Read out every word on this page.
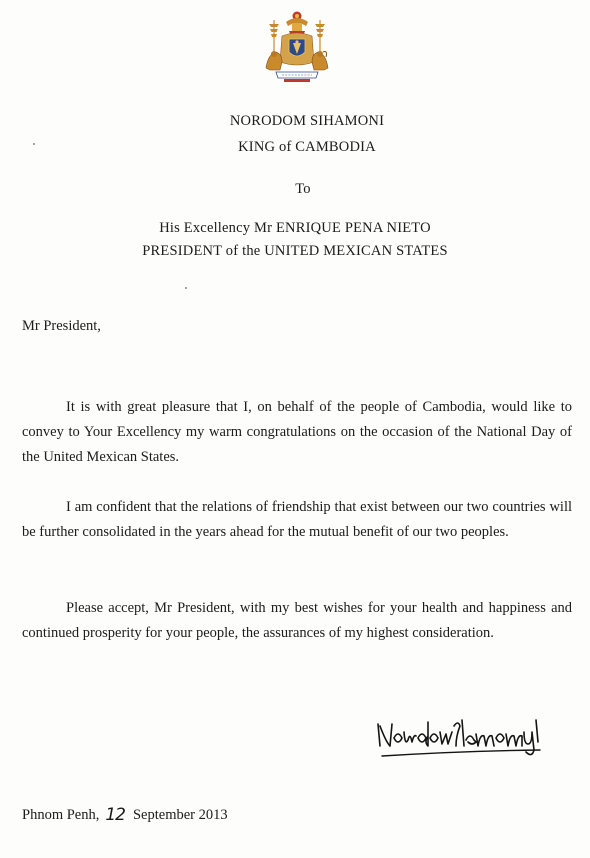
NORODOM SIHAMONI
KING of CAMBODIA
To
His Excellency Mr ENRIQUE PENA NIETO
PRESIDENT of the UNITED MEXICAN STATES
Mr President,
It is with great pleasure that I, on behalf of the people of Cambodia, would like to convey to Your Excellency my warm congratulations on the occasion of the National Day of the United Mexican States.
I am confident that the relations of friendship that exist between our two countries will be further consolidated in the years ahead for the mutual benefit of our two peoples.
Please accept, Mr President, with my best wishes for your health and happiness and continued prosperity for your people, the assurances of my highest consideration.
Phnom Penh, 12 September 2013
